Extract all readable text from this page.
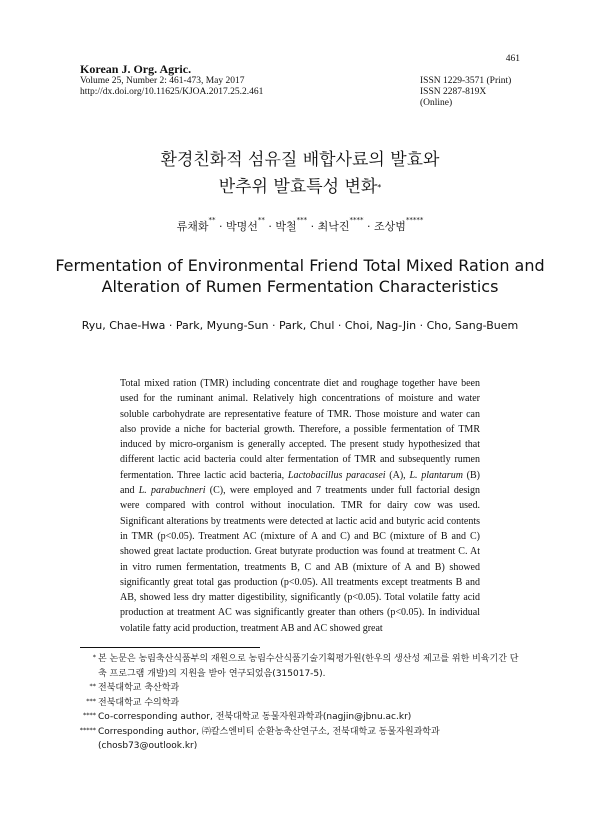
Korean J. Org. Agric.
Volume 25, Number 2: 461-473, May 2017
http://dx.doi.org/10.11625/KJOA.2017.25.2.461
461
ISSN 1229-3571 (Print)
ISSN 2287-819X (Online)
환경친화적 섬유질 배합사료의 발효와
반추위 발효특성 변화*
류채화** · 박명선** · 박철*** · 최낙진**** · 조상범*****
Fermentation of Environmental Friend Total Mixed Ration and
Alteration of Rumen Fermentation Characteristics
Ryu, Chae-Hwa · Park, Myung-Sun · Park, Chul · Choi, Nag-Jin · Cho, Sang-Buem
Total mixed ration (TMR) including concentrate diet and roughage together have been used for the ruminant animal. Relatively high concentrations of moisture and water soluble carbohydrate are representative feature of TMR. Those moisture and water can also provide a niche for bacterial growth. Therefore, a possible fermentation of TMR induced by micro-organism is generally accepted. The present study hypothesized that different lactic acid bacteria could alter fermentation of TMR and subsequently rumen fermentation. Three lactic acid bacteria, Lactobacillus paracasei (A), L. plantarum (B) and L. parabuchneri (C), were employed and 7 treatments under full factorial design were compared with control without inoculation. TMR for dairy cow was used. Significant alterations by treatments were detected at lactic acid and butyric acid contents in TMR (p<0.05). Treatment AC (mixture of A and C) and BC (mixture of B and C) showed great lactate production. Great butyrate production was found at treatment C. At in vitro rumen fermentation, treatments B, C and AB (mixture of A and B) showed significantly great total gas production (p<0.05). All treatments except treatments B and AB, showed less dry matter digestibility, significantly (p<0.05). Total volatile fatty acid production at treatment AC was significantly greater than others (p<0.05). In individual volatile fatty acid production, treatment AB and AC showed great
* 본 논문은 농림축산식품부의 재원으로 농림수산식품기술기획평가원(한우의 생산성 제고를 위한 비육기간 단축 프로그램 개발)의 지원을 받아 연구되었음(315017-5).
** 전북대학교 축산학과
*** 전북대학교 수의학과
**** Co-corresponding author, 전북대학교 동물자원과학과(nagjin@jbnu.ac.kr)
***** Corresponding author, ㈜칼스엔비티 순환농축산연구소, 전북대학교 동물자원과학과 (chosb73@outlook.kr)
